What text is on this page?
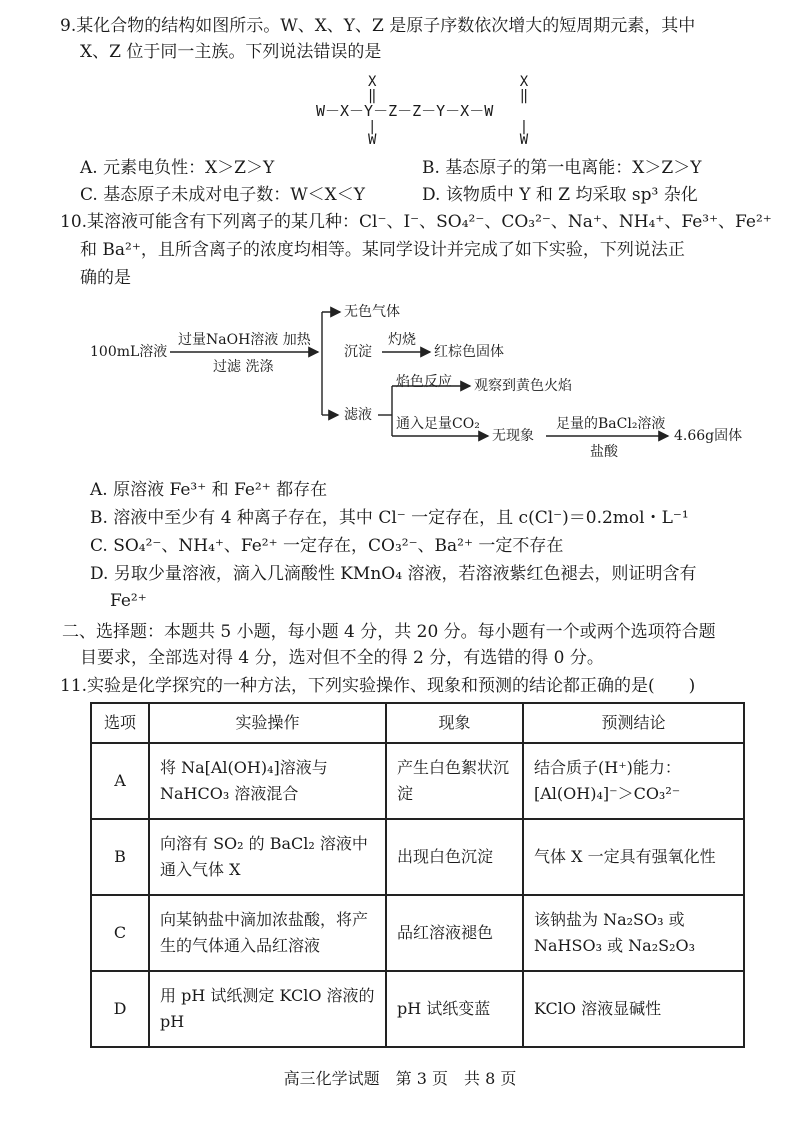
9.某化合物的结构如图所示。W、X、Y、Z 是原子序数依次增大的短周期元素，其中
X、Z 位于同一主族。下列说法错误的是
X                 X
‖                 ‖
W－X－Y－Z－Z－Y－X－W
|                 |
W                 W
A. 元素电负性：X＞Z＞Y	B. 基态原子的第一电离能：X＞Z＞Y
C. 基态原子未成对电子数：W＜X＜Y	D. 该物质中 Y 和 Z 均采取 sp³ 杂化
10.某溶液可能含有下列离子的某几种：Cl⁻、I⁻、SO₄²⁻、CO₃²⁻、Na⁺、NH₄⁺、Fe³⁺、Fe²⁺
和 Ba²⁺，且所含离子的浓度均相等。某同学设计并完成了如下实验，下列说法正
确的是
100mL溶液
过量NaOH溶液 加热
过滤 洗涤
无色气体
沉淀
灼烧
红棕色固体
焰色反应 观察到黄色火焰
滤液
通入足量CO₂
无现象
足量的BaCl₂溶液
盐酸
4.66g固体
A. 原溶液 Fe³⁺ 和 Fe²⁺ 都存在
B. 溶液中至少有 4 种离子存在，其中 Cl⁻ 一定存在，且 c(Cl⁻)＝0.2mol・L⁻¹
C. SO₄²⁻、NH₄⁺、Fe²⁺ 一定存在，CO₃²⁻、Ba²⁺ 一定不存在
D. 另取少量溶液，滴入几滴酸性 KMnO₄ 溶液，若溶液紫红色褪去，则证明含有
Fe²⁺
二、选择题：本题共 5 小题，每小题 4 分，共 20 分。每小题有一个或两个选项符合题
目要求，全部选对得 4 分，选对但不全的得 2 分，有选错的得 0 分。
11.实验是化学探究的一种方法，下列实验操作、现象和预测的结论都正确的是(　　)
选项	实验操作	现象	预测结论
A	将 Na[Al(OH)₄]溶液与 NaHCO₃ 溶液混合	产生白色絮状沉淀	结合质子(H⁺)能力：[Al(OH)₄]⁻＞CO₃²⁻
B	向溶有 SO₂ 的 BaCl₂ 溶液中通入气体 X	出现白色沉淀	气体 X 一定具有强氧化性
C	向某钠盐中滴加浓盐酸，将产生的气体通入品红溶液	品红溶液褪色	该钠盐为 Na₂SO₃ 或 NaHSO₃ 或 Na₂S₂O₃
D	用 pH 试纸测定 KClO 溶液的 pH	pH 试纸变蓝	KClO 溶液显碱性
高三化学试题　第 3 页　共 8 页
